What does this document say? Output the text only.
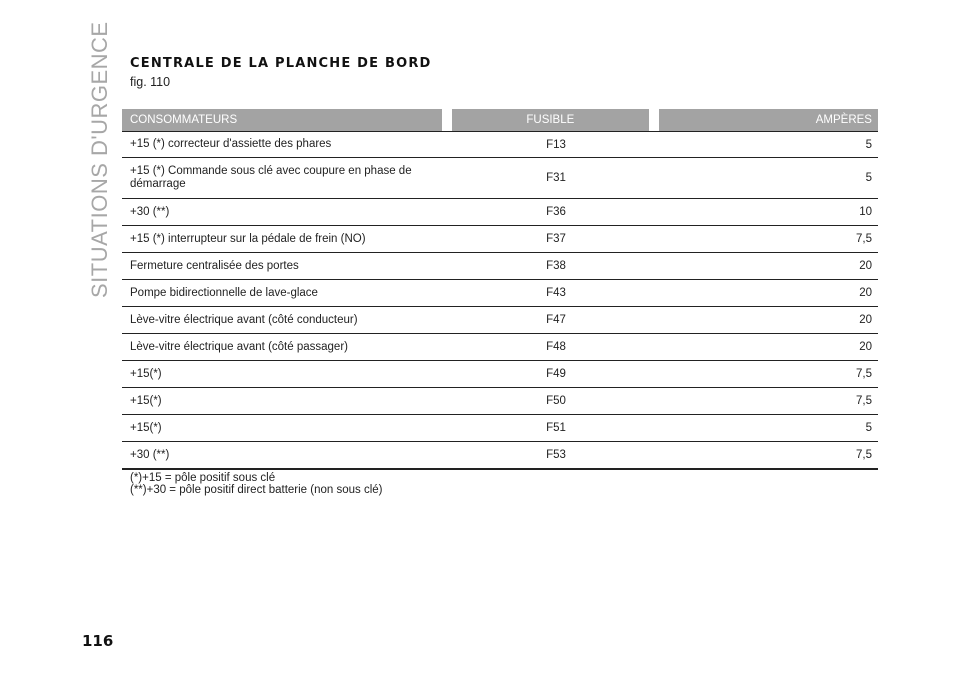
SITUATIONS D'URGENCE	CENTRALE DE LA PLANCHE DE BORD
fig. 110
CONSOMMATEURS	FUSIBLE	AMPÈRES
+15 (*) correcteur d'assiette des phares	F13	5
+15 (*) Commande sous clé avec coupure en phase de démarrage	F31	5
+30 (**)	F36	10
+15 (*) interrupteur sur la pédale de frein (NO)	F37	7,5
Fermeture centralisée des portes	F38	20
Pompe bidirectionnelle de lave-glace	F43	20
Lève-vitre électrique avant (côté conducteur)	F47	20
Lève-vitre électrique avant (côté passager)	F48	20
+15(*)	F49	7,5
+15(*)	F50	7,5
+15(*)	F51	5
+30 (**)	F53	7,5
(*)+15 = pôle positif sous clé
(**)+30 = pôle positif direct batterie (non sous clé)
116
